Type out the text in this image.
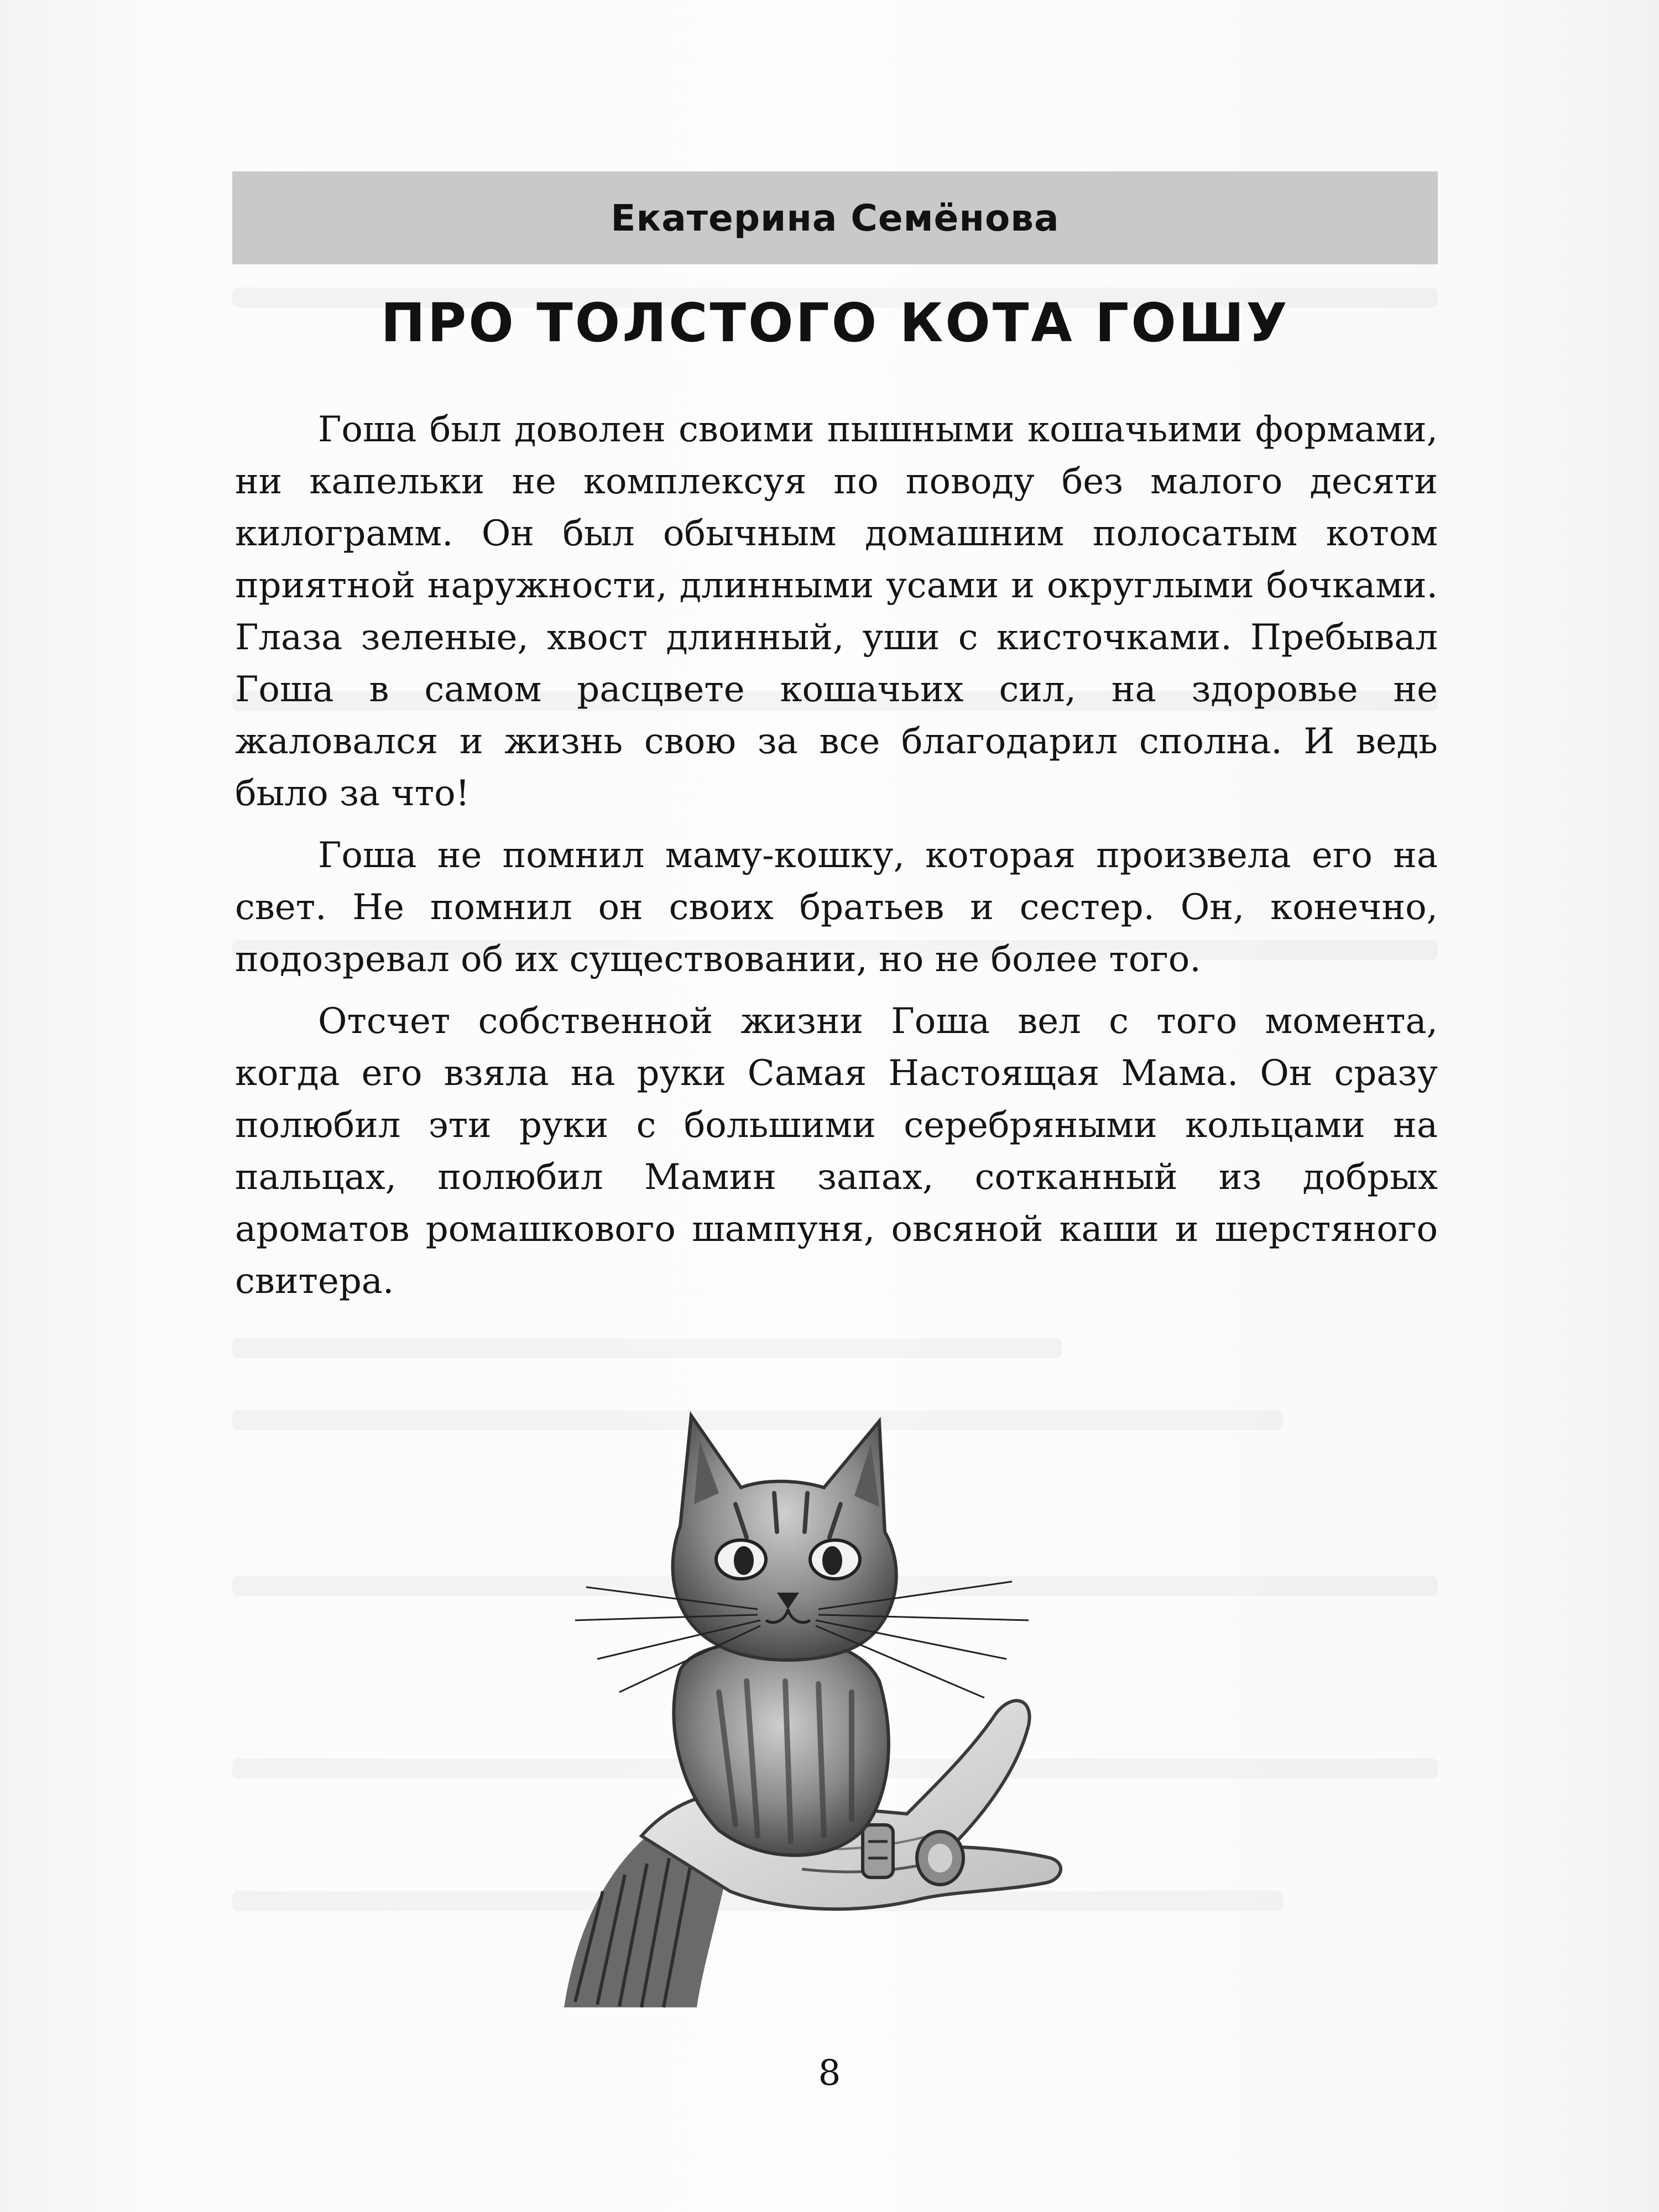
Екатерина Семёнова
ПРО ТОЛСТОГО КОТА ГОШУ

Гоша был доволен своими пышными кошачьими формами, ни капельки не комплексуя по поводу без малого десяти килограмм. Он был обычным домашним полосатым котом приятной наружности, длинными усами и округлыми бочками. Глаза зеленые, хвост длинный, уши с кисточками. Пребывал Гоша в самом расцвете кошачьих сил, на здоровье не жаловался и жизнь свою за все благодарил сполна. И ведь было за что!

Гоша не помнил маму-кошку, которая произвела его на свет. Не помнил он своих братьев и сестер. Он, конечно, подозревал об их существовании, но не более того.

Отсчет собственной жизни Гоша вел с того момента, когда его взяла на руки Самая Настоящая Мама. Он сразу полюбил эти руки с большими серебряными кольцами на пальцах, полюбил Мамин запах, сотканный из добрых ароматов ромашкового шампуня, овсяной каши и шерстяного свитера.

8
